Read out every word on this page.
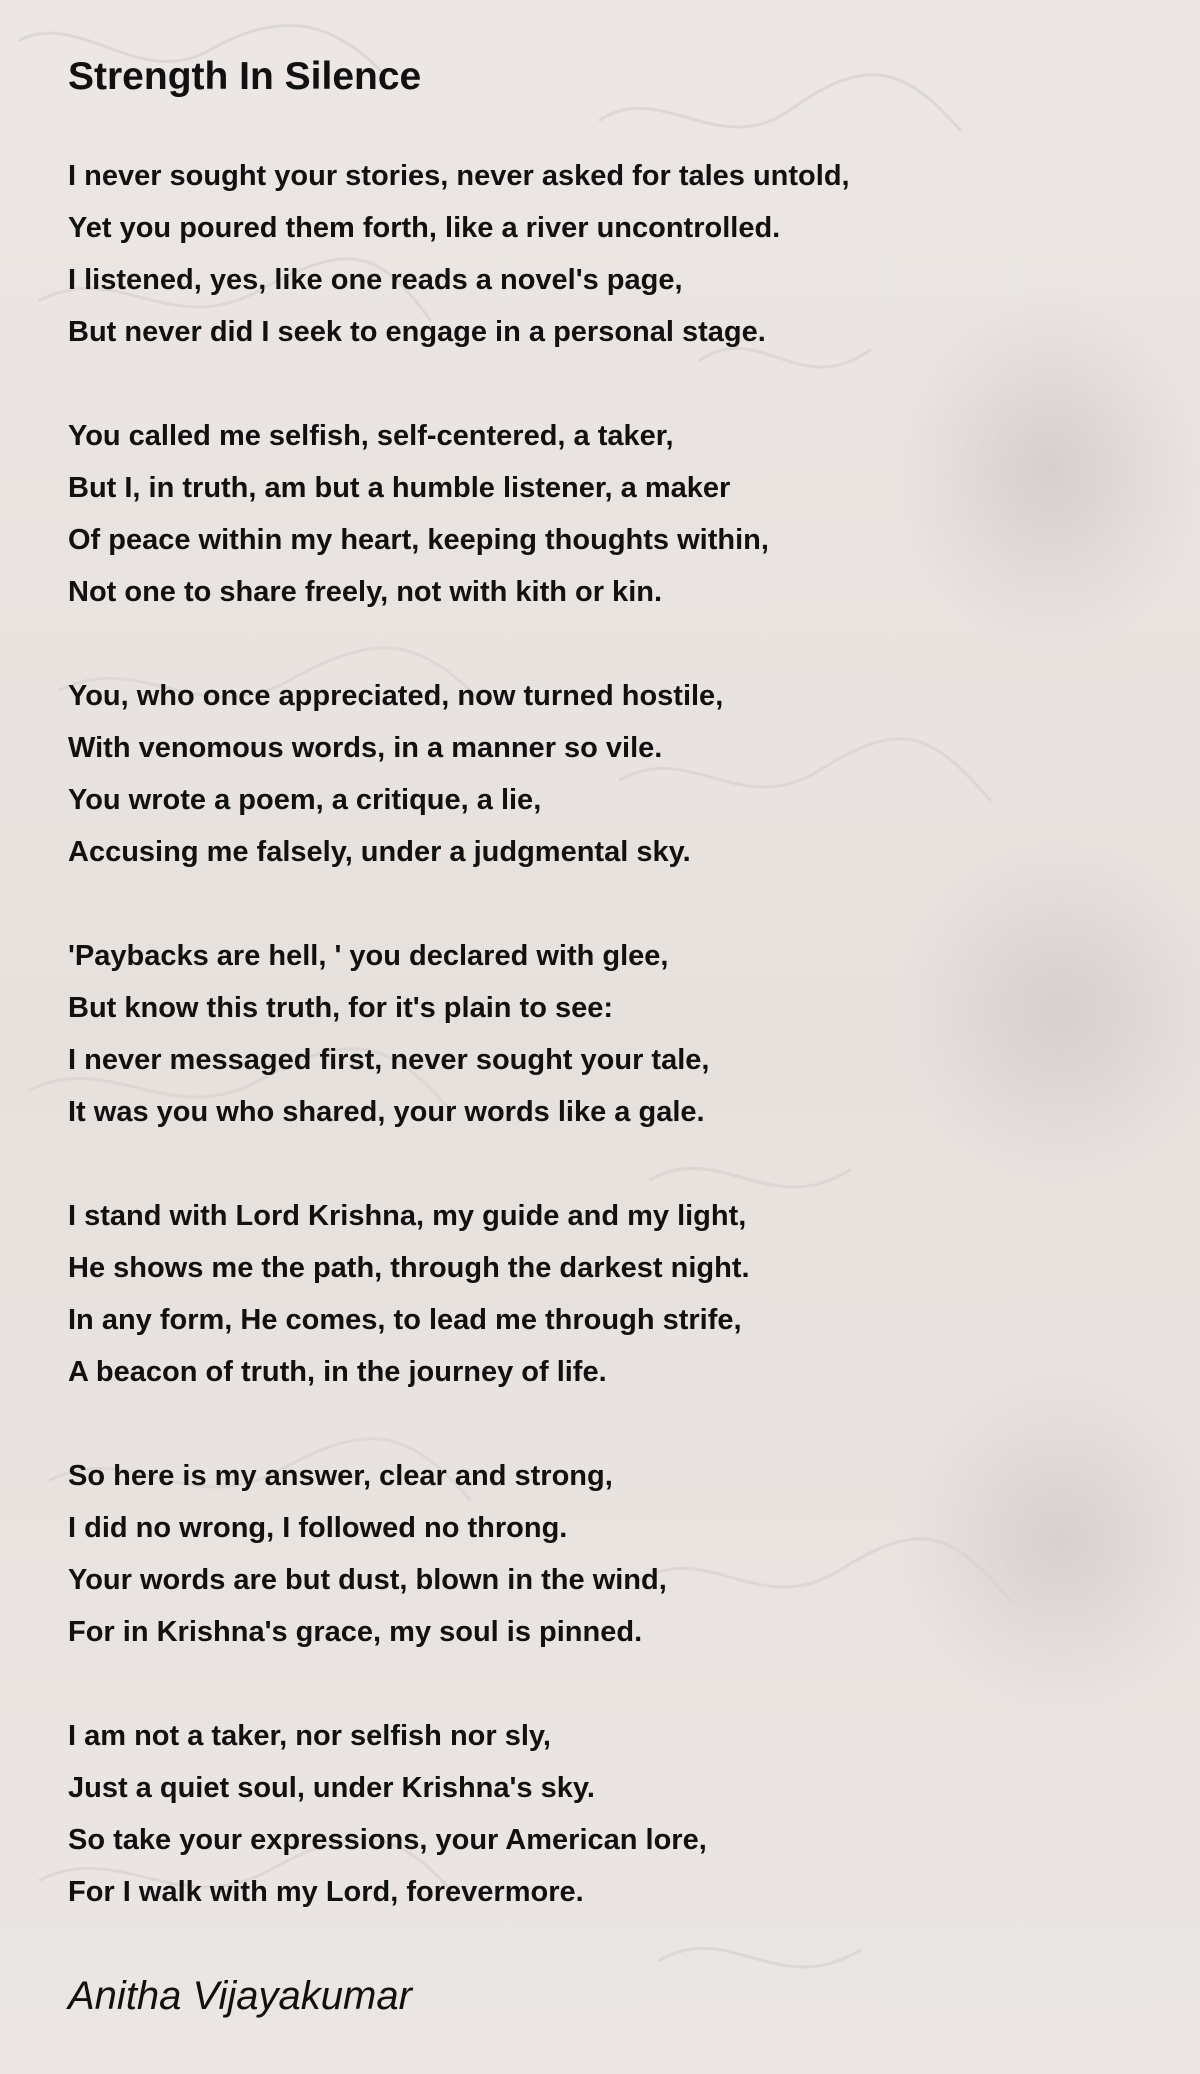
Strength In Silence
I never sought your stories, never asked for tales untold,
Yet you poured them forth, like a river uncontrolled.
I listened, yes, like one reads a novel's page,
But never did I seek to engage in a personal stage.
You called me selfish, self-centered, a taker,
But I, in truth, am but a humble listener, a maker
Of peace within my heart, keeping thoughts within,
Not one to share freely, not with kith or kin.
You, who once appreciated, now turned hostile,
With venomous words, in a manner so vile.
You wrote a poem, a critique, a lie,
Accusing me falsely, under a judgmental sky.
'Paybacks are hell, ' you declared with glee,
But know this truth, for it's plain to see:
I never messaged first, never sought your tale,
It was you who shared, your words like a gale.
I stand with Lord Krishna, my guide and my light,
He shows me the path, through the darkest night.
In any form, He comes, to lead me through strife,
A beacon of truth, in the journey of life.
So here is my answer, clear and strong,
I did no wrong, I followed no throng.
Your words are but dust, blown in the wind,
For in Krishna's grace, my soul is pinned.
I am not a taker, nor selfish nor sly,
Just a quiet soul, under Krishna's sky.
So take your expressions, your American lore,
For I walk with my Lord, forevermore.
Anitha Vijayakumar
